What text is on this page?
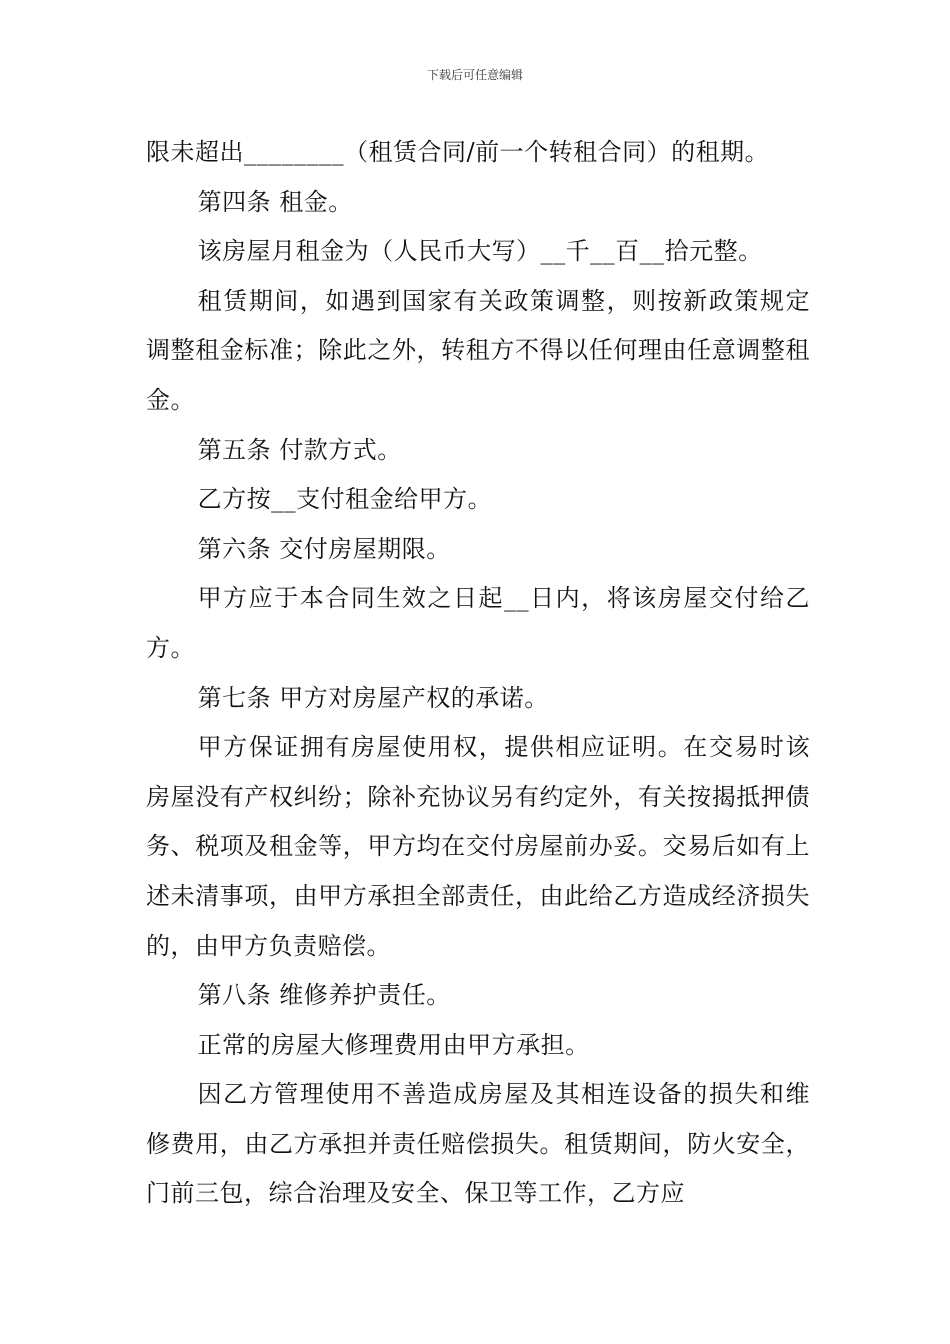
下载后可任意编辑

限未超出________（租赁合同/前一个转租合同）的租期。

第四条 租金。

该房屋月租金为（人民币大写）__千__百__拾元整。

租赁期间，如遇到国家有关政策调整，则按新政策规定调整租金标准；除此之外，转租方不得以任何理由任意调整租金。

第五条 付款方式。

乙方按__支付租金给甲方。

第六条 交付房屋期限。

甲方应于本合同生效之日起__日内，将该房屋交付给乙方。

第七条 甲方对房屋产权的承诺。

甲方保证拥有房屋使用权，提供相应证明。在交易时该房屋没有产权纠纷；除补充协议另有约定外，有关按揭抵押债务、税项及租金等，甲方均在交付房屋前办妥。交易后如有上述未清事项，由甲方承担全部责任，由此给乙方造成经济损失的，由甲方负责赔偿。

第八条 维修养护责任。

正常的房屋大修理费用由甲方承担。

因乙方管理使用不善造成房屋及其相连设备的损失和维修费用，由乙方承担并责任赔偿损失。租赁期间，防火安全，门前三包，综合治理及安全、保卫等工作，乙方应
